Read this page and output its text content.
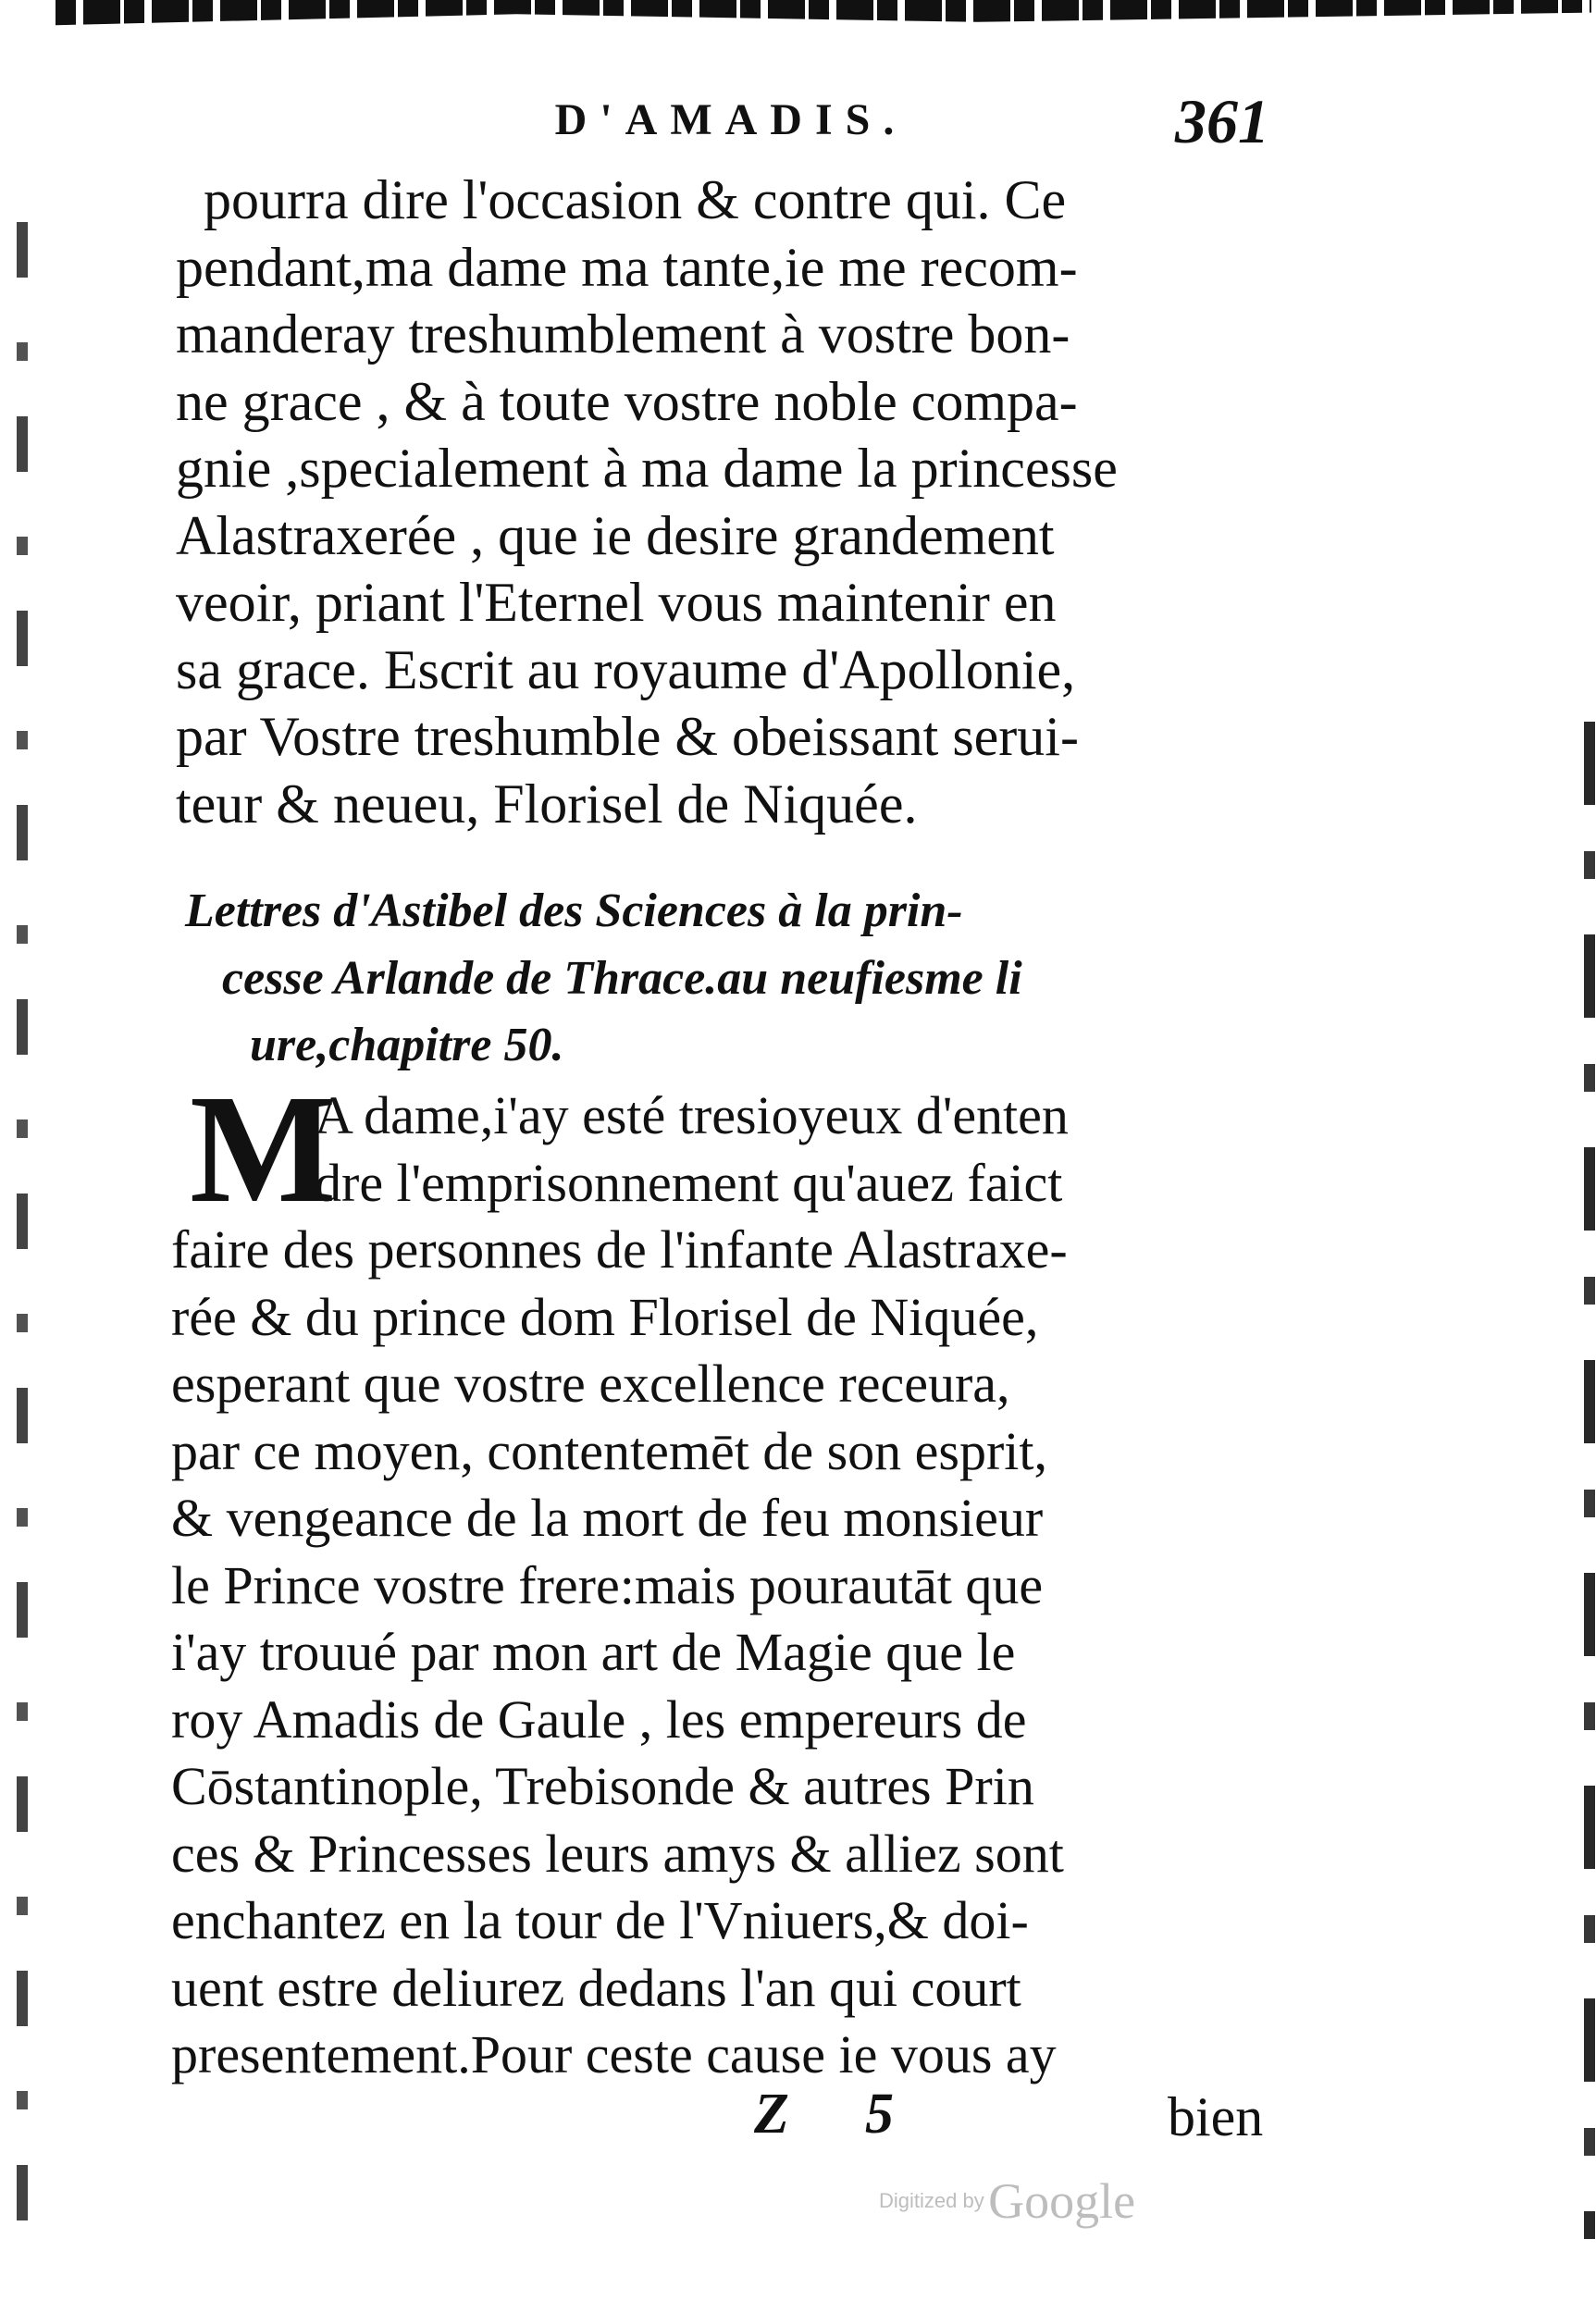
D'AMADIS.	361
pourra dire l'occasion & contre qui. Ce
pendant,ma dame ma tante,ie me recom-
manderay treshumblement à vostre bon-
ne grace , & à toute vostre noble compa-
gnie ,specialement à ma dame la princesse
Alastraxerée , que ie desire grandement
veoir, priant l'Eternel vous maintenir en
sa grace. Escrit au royaume d'Apollonie,
par Vostre treshumble & obeissant serui-
teur & neueu, Florisel de Niquée.
Lettres d'Astibel des Sciences à la prin-
cesse Arlande de Thrace.au neufiesme li
ure,chapitre 50.
M
A dame,i'ay esté tresioyeux d'enten
dre l'emprisonnement qu'auez faict
faire des personnes de l'infante Alastraxe-
rée & du prince dom Florisel de Niquée,
esperant que vostre excellence receura,
par ce moyen, contentemēt de son esprit,
& vengeance de la mort de feu monsieur
le Prince vostre frere:mais pourautāt que
i'ay trouué par mon art de Magie que le
roy Amadis de Gaule , les empereurs de
Cōstantinople, Trebisonde & autres Prin
ces & Princesses leurs amys & alliez sont
enchantez en la tour de l'Vniuers,& doi-
uent estre deliurez dedans l'an qui court
presentement.Pour ceste cause ie vous ay
Z 5	bien
Digitized by Google
